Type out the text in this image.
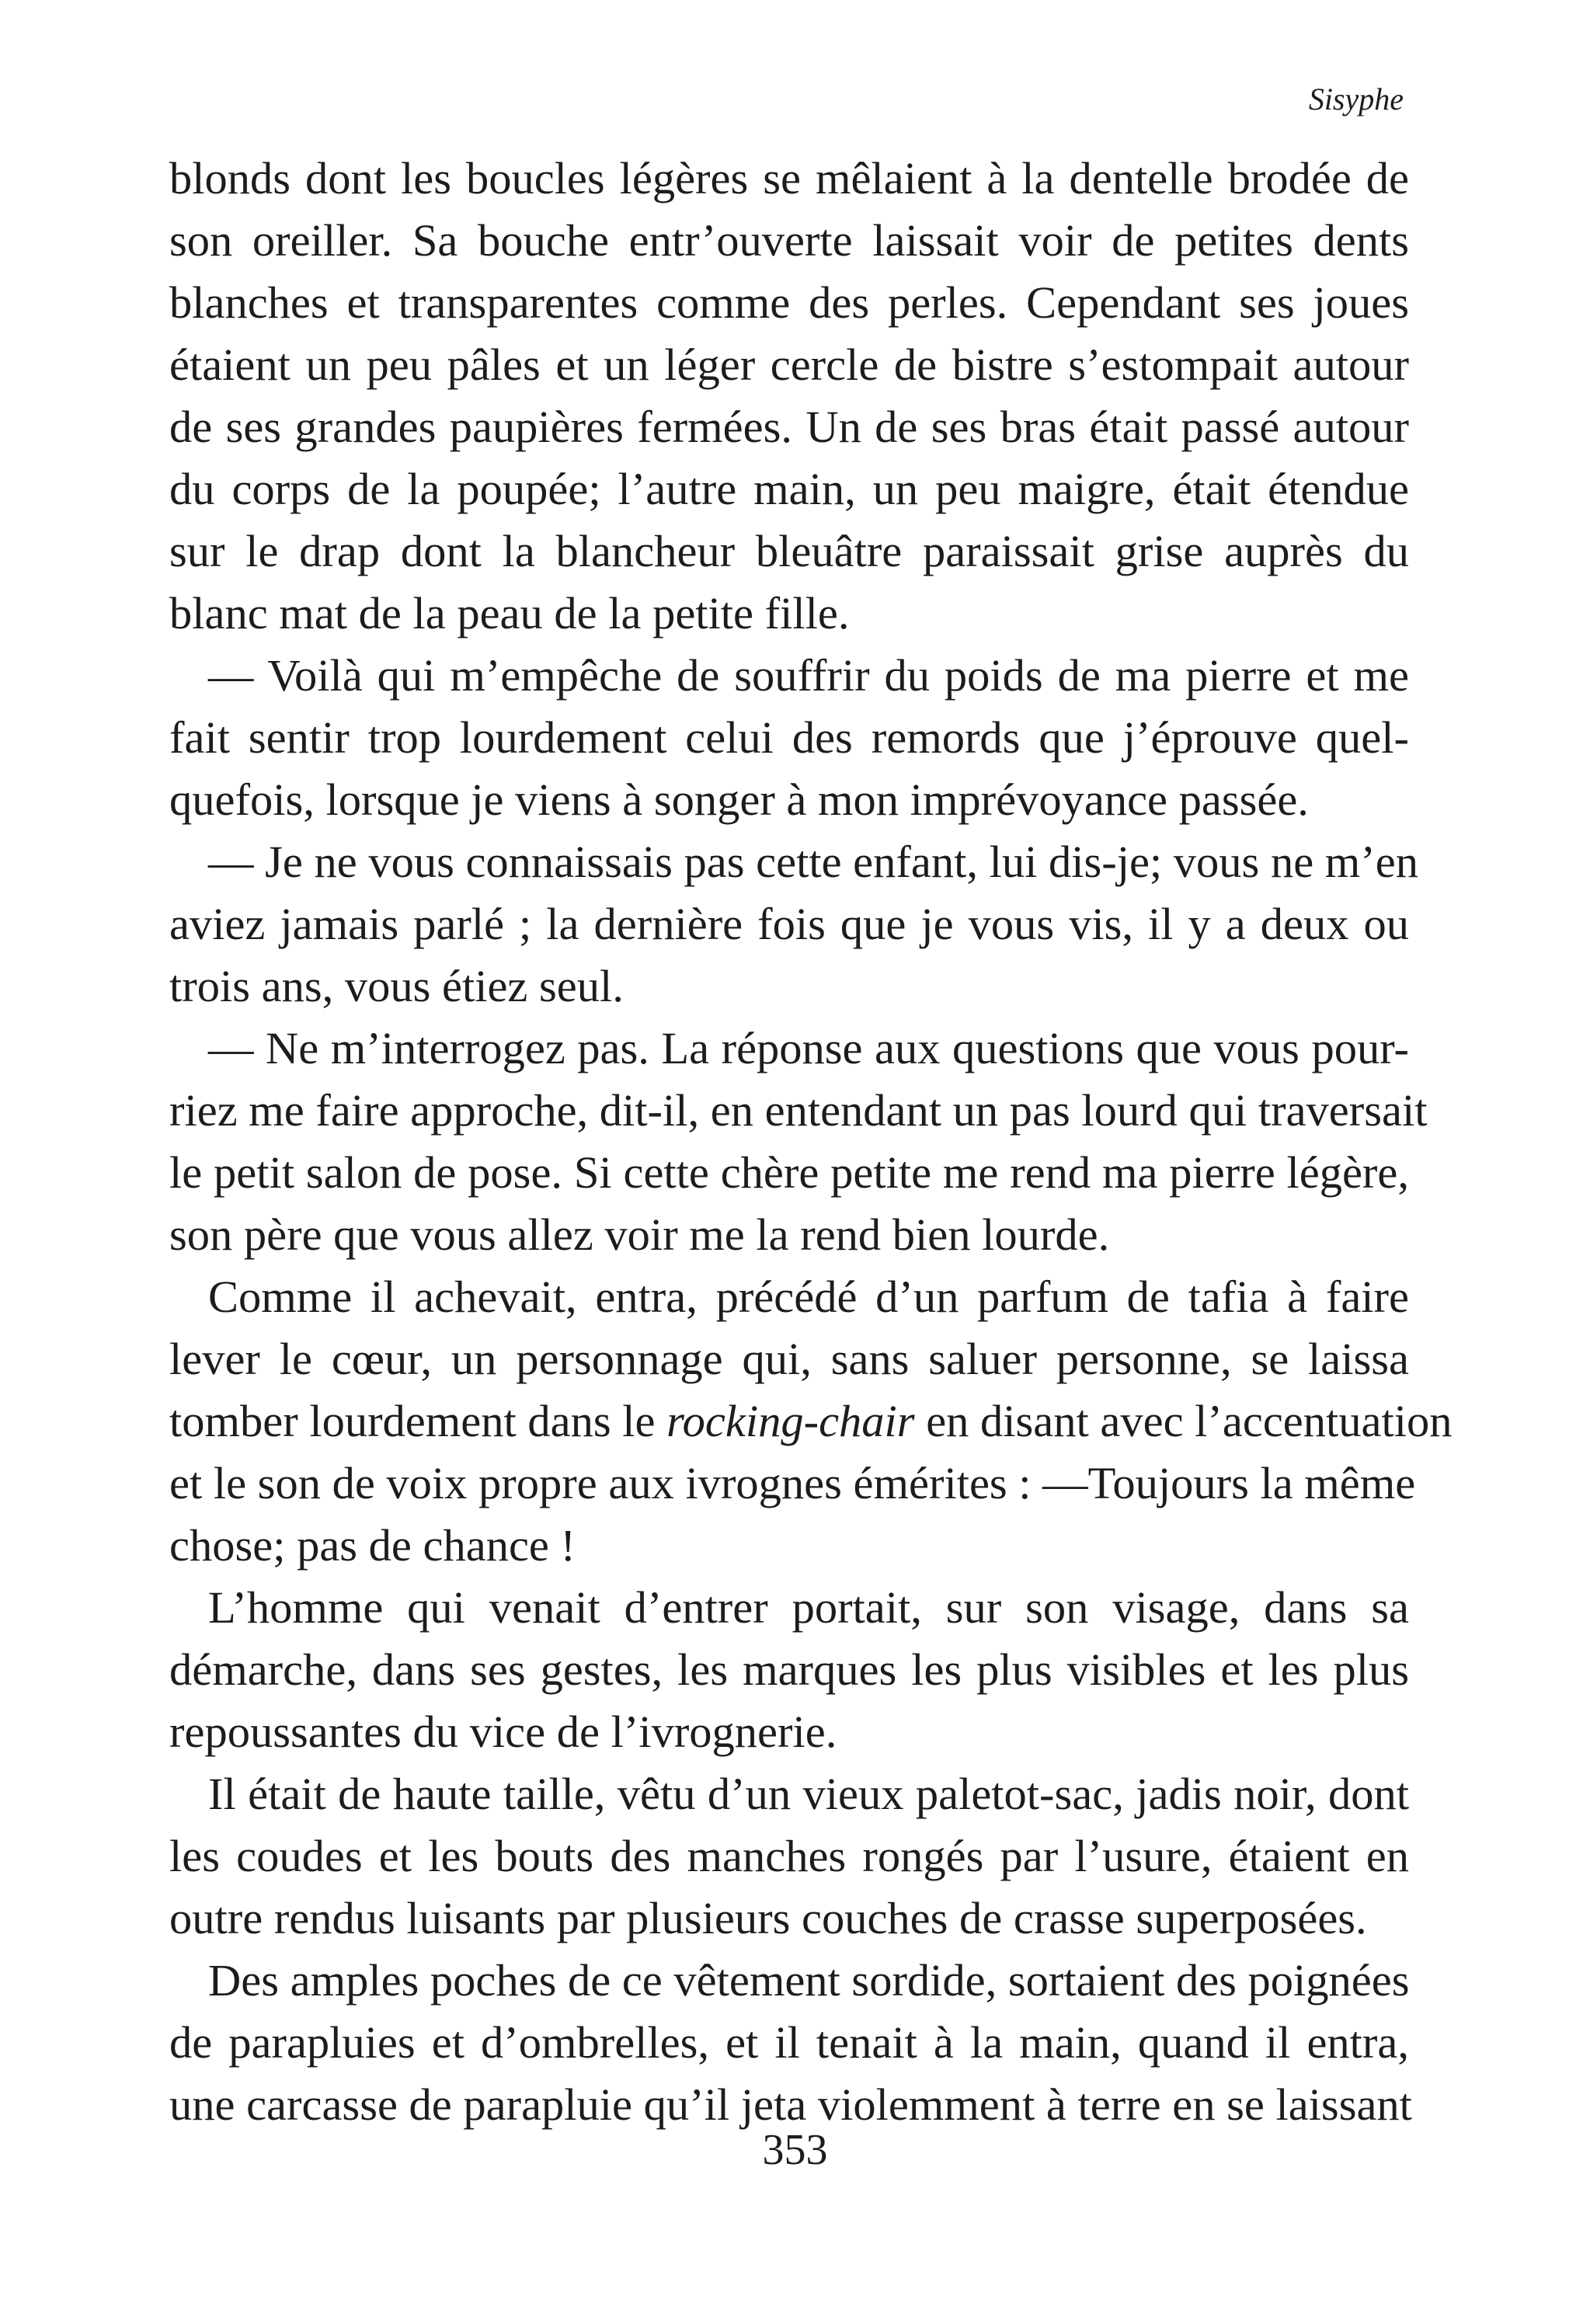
Sisyphe
blonds dont les boucles légères se mêlaient à la dentelle brodée de
son oreiller. Sa bouche entr’ouverte laissait voir de petites dents
blanches et transparentes comme des perles. Cependant ses joues
étaient un peu pâles et un léger cercle de bistre s’estompait autour
de ses grandes paupières fermées. Un de ses bras était passé autour
du corps de la poupée; l’autre main, un peu maigre, était étendue
sur le drap dont la blancheur bleuâtre paraissait grise auprès du
blanc mat de la peau de la petite fille.
— Voilà qui m’empêche de souffrir du poids de ma pierre et me
fait sentir trop lourdement celui des remords que j’éprouve quel-
quefois, lorsque je viens à songer à mon imprévoyance passée.
— Je ne vous connaissais pas cette enfant, lui dis-je; vous ne m’en
aviez jamais parlé ; la dernière fois que je vous vis, il y a deux ou
trois ans, vous étiez seul.
— Ne m’interrogez pas. La réponse aux questions que vous pour-
riez me faire approche, dit-il, en entendant un pas lourd qui traversait
le petit salon de pose. Si cette chère petite me rend ma pierre légère,
son père que vous allez voir me la rend bien lourde.
Comme il achevait, entra, précédé d’un parfum de tafia à faire
lever le cœur, un personnage qui, sans saluer personne, se laissa
tomber lourdement dans le rocking-chair en disant avec l’accentuation
et le son de voix propre aux ivrognes émérites : —Toujours la même
chose; pas de chance !
L’homme qui venait d’entrer portait, sur son visage, dans sa
démarche, dans ses gestes, les marques les plus visibles et les plus
repoussantes du vice de l’ivrognerie.
Il était de haute taille, vêtu d’un vieux paletot-sac, jadis noir, dont
les coudes et les bouts des manches rongés par l’usure, étaient en
outre rendus luisants par plusieurs couches de crasse superposées.
Des amples poches de ce vêtement sordide, sortaient des poignées
de parapluies et d’ombrelles, et il tenait à la main, quand il entra,
une carcasse de parapluie qu’il jeta violemment à terre en se laissant
353
